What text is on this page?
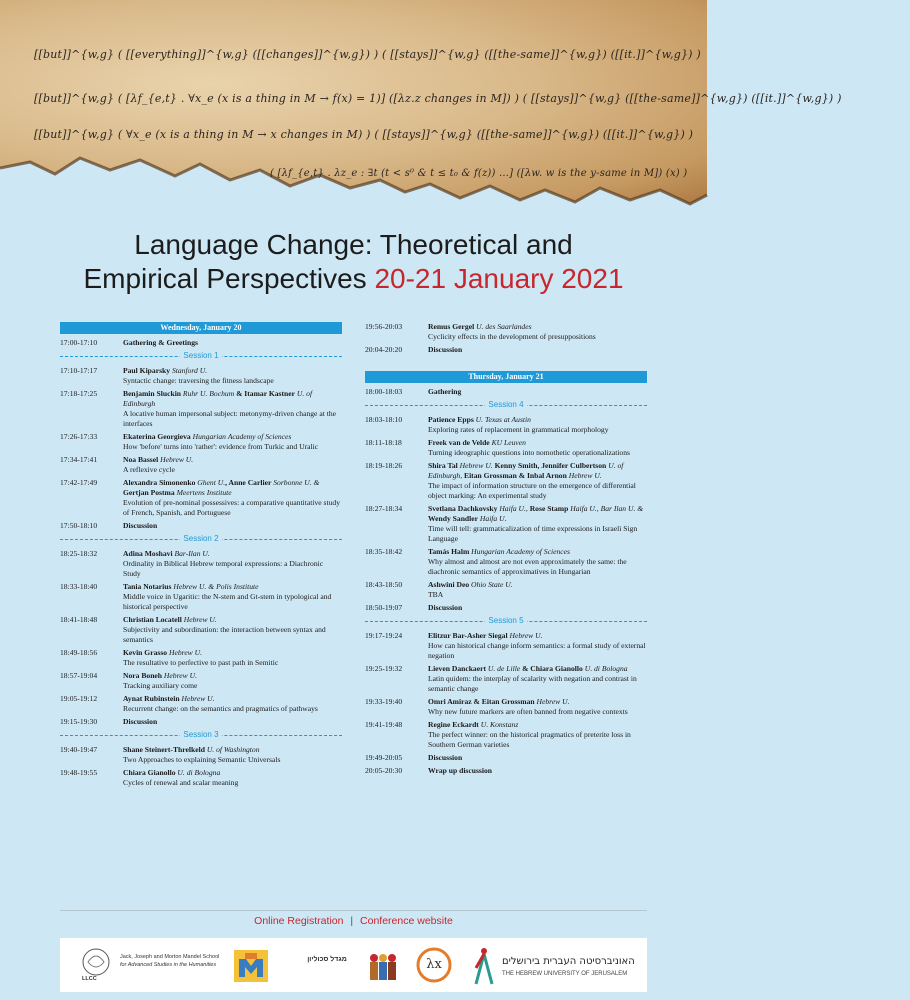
[[but]]^{w,g} ( [[everything]]^{w,g} ([[changes]]^{w,g}) ) ( [[stays]]^{w,g} ([[the-same]]^{w,g}) ([[it.]]^{w,g}) )
[[but]]^{w,g} ( [λf_{e,t} . ∀x_e (x is a thing in M → f(x) = 1)] ([λz.z changes in M]) ) ( [[stays]]^{w,g} ([[the-same]]^{w,g}) ([[it.]]^{w,g}) )
[[but]]^{w,g} ( ∀x_e (x is a thing in M → x changes in M) ) ( [[stays]]^{w,g} ([[the-same]]^{w,g}) ([[it.]]^{w,g}) )
( [λf_{e,t} . λz_e : ∃t (t < s⁰ & t ≤ t₀ & f(z)) ...] ([λw. w is the y-same in M]) (x) )
Language Change: Theoretical and
Empirical Perspectives 20-21 January 2021
Wednesday, January 20
17:00-17:10	Gathering & Greetings
Session 1
17:10-17:17	Paul Kiparsky Stanford U.
Syntactic change: traversing the fitness landscape
17:18-17:25	Benjamin Sluckin Ruhr U. Bochum & Itamar Kastner U. of Edinburgh
A locative human impersonal subject: metonymy-driven change at the interfaces
17:26-17:33	Ekaterina Georgieva Hungarian Academy of Sciences
How 'before' turns into 'rather': evidence from Turkic and Uralic
17:34-17:41	Noa Bassel Hebrew U.
A reflexive cycle
17:42-17:49	Alexandra Simonenko Ghent U., Anne Carlier Sorbonne U. & Gertjan Postma Meertens Institute
Evolution of pre-nominal possessives: a comparative quantitative study of French, Spanish, and Portuguese
17:50-18:10	Discussion
Session 2
18:25-18:32	Adina Moshavi Bar-Ilan U.
Ordinality in Biblical Hebrew temporal expressions: a Diachronic Study
18:33-18:40	Tania Notarius Hebrew U. & Polis Institute
Middle voice in Ugaritic: the N-stem and Gt-stem in typological and historical perspective
18:41-18:48	Christian Locatell Hebrew U.
Subjectivity and subordination: the interaction between syntax and semantics
18:49-18:56	Kevin Grasso Hebrew U.
The resultative to perfective to past path in Semitic
18:57-19:04	Nora Boneh Hebrew U.
Tracking auxiliary come
19:05-19:12	Aynat Rubinstein Hebrew U.
Recurrent change: on the semantics and pragmatics of pathways
19:15-19:30	Discussion
Session 3
19:40-19:47	Shane Steinert-Threlkeld U. of Washington
Two Approaches to explaining Semantic Universals
19:48-19:55	Chiara Gianollo U. di Bologna
Cycles of renewal and scalar meaning
19:56-20:03	Remus Gergel U. des Saarlandes
Cyclicity effects in the development of presuppositions
20:04-20:20	Discussion
Thursday, January 21
18:00-18:03	Gathering
Session 4
18:03-18:10	Patience Epps U. Texas at Austin
Exploring rates of replacement in grammatical morphology
18:11-18:18	Freek van de Velde KU Leuven
Turning ideographic questions into nomothetic operationalizations
18:19-18:26	Shira Tal Hebrew U. Kenny Smith, Jennifer Culbertson U. of Edinburgh, Eitan Grossman & Inbal Arnon Hebrew U.
The impact of information structure on the emergence of differential object marking: An experimental study
18:27-18:34	Svetlana Dachkovsky Haifa U., Rose Stamp Haifa U., Bar Ilan U. & Wendy Sandler Haifa U.
Time will tell: grammaticalization of time expressions in Israeli Sign Language
18:35-18:42	Tamás Halm Hungarian Academy of Sciences
Why almost and almost are not even approximately the same: the diachronic semantics of approximatives in Hungarian
18:43-18:50	Ashwini Deo Ohio State U.
TBA
18:50-19:07	Discussion
Session 5
19:17-19:24	Elitzur Bar-Asher Siegal Hebrew U.
How can historical change inform semantics: a formal study of external negation
19:25-19:32	Lieven Danckaert U. de Lille & Chiara Gianollo U. di Bologna
Latin quidem: the interplay of scalarity with negation and contrast in semantic change
19:33-19:40	Omri Amiraz & Eitan Grossman Hebrew U.
Why new future markers are often banned from negative contexts
19:41-19:48	Regine Eckardt U. Konstanz
The perfect winner: on the historical pragmatics of preterite loss in Southern German varieties
19:49-20:05	Discussion
20:05-20:30	Wrap up discussion
Online Registration | Conference website
LLCC
Jack, Joseph and Morton Mandel School
for Advanced Studies in the Humanities
מגדל סכוליון	λx	האוניברסיטה העברית בירושלים
THE HEBREW UNIVERSITY OF JERUSALEM
